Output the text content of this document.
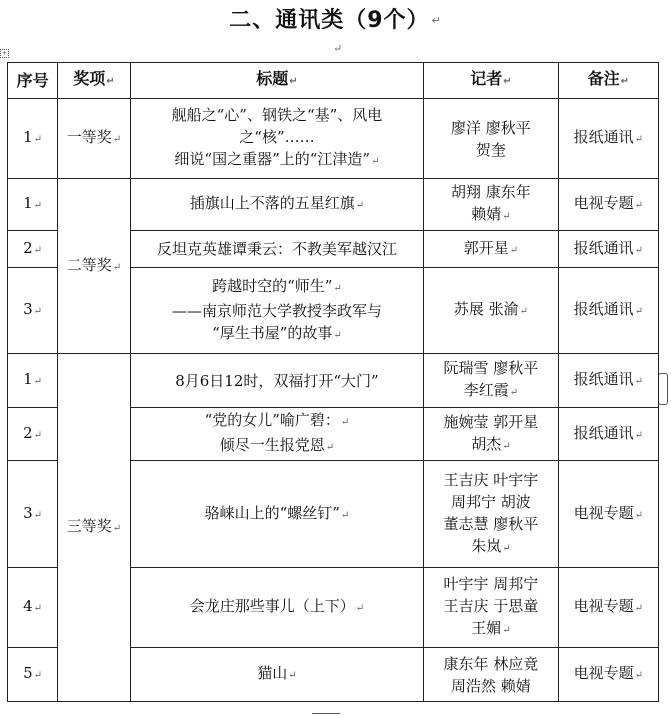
二、通讯类（9个） ↵
↵
+
序号	奖项↵	标题↵	记者↵	备注↵
1↵	一等奖↵	舰船之“心”、钢铁之“基”、风电
之“核”……
细说“国之重器”上的“江津造”↵	廖洋 廖秋平
贺奎	报纸通讯↵
1↵	二等奖↵	插旗山上不落的五星红旗↵	胡翔 康东年
赖婧↵	电视专题↵
2↵		反坦克英雄谭秉云：不教美军越汉江	郭开星↵	报纸通讯↵
3↵		跨越时空的“师生”↵
——南京师范大学教授李政军与
“厚生书屋”的故事↵	苏展 张渝↵	报纸通讯↵
1↵	三等奖↵	8月6日12时，双福打开“大门”	阮瑞雪 廖秋平
李红霞↵	报纸通讯↵
2↵		“党的女儿”喻广碧：↵
倾尽一生报党恩↵	施婉莹 郭开星
胡杰↵	报纸通讯↵
3↵		骆崃山上的“螺丝钉”↵	王吉庆 叶宇宇
周邦宁 胡波
董志慧 廖秋平
朱岚↵	电视专题↵
4↵		会龙庄那些事儿（上下）↵	叶宇宇 周邦宁
王吉庆 于思童
王媚↵	电视专题↵
5↵		猫山↵	康东年 林应竟
周浩然 赖婧	电视专题↵
